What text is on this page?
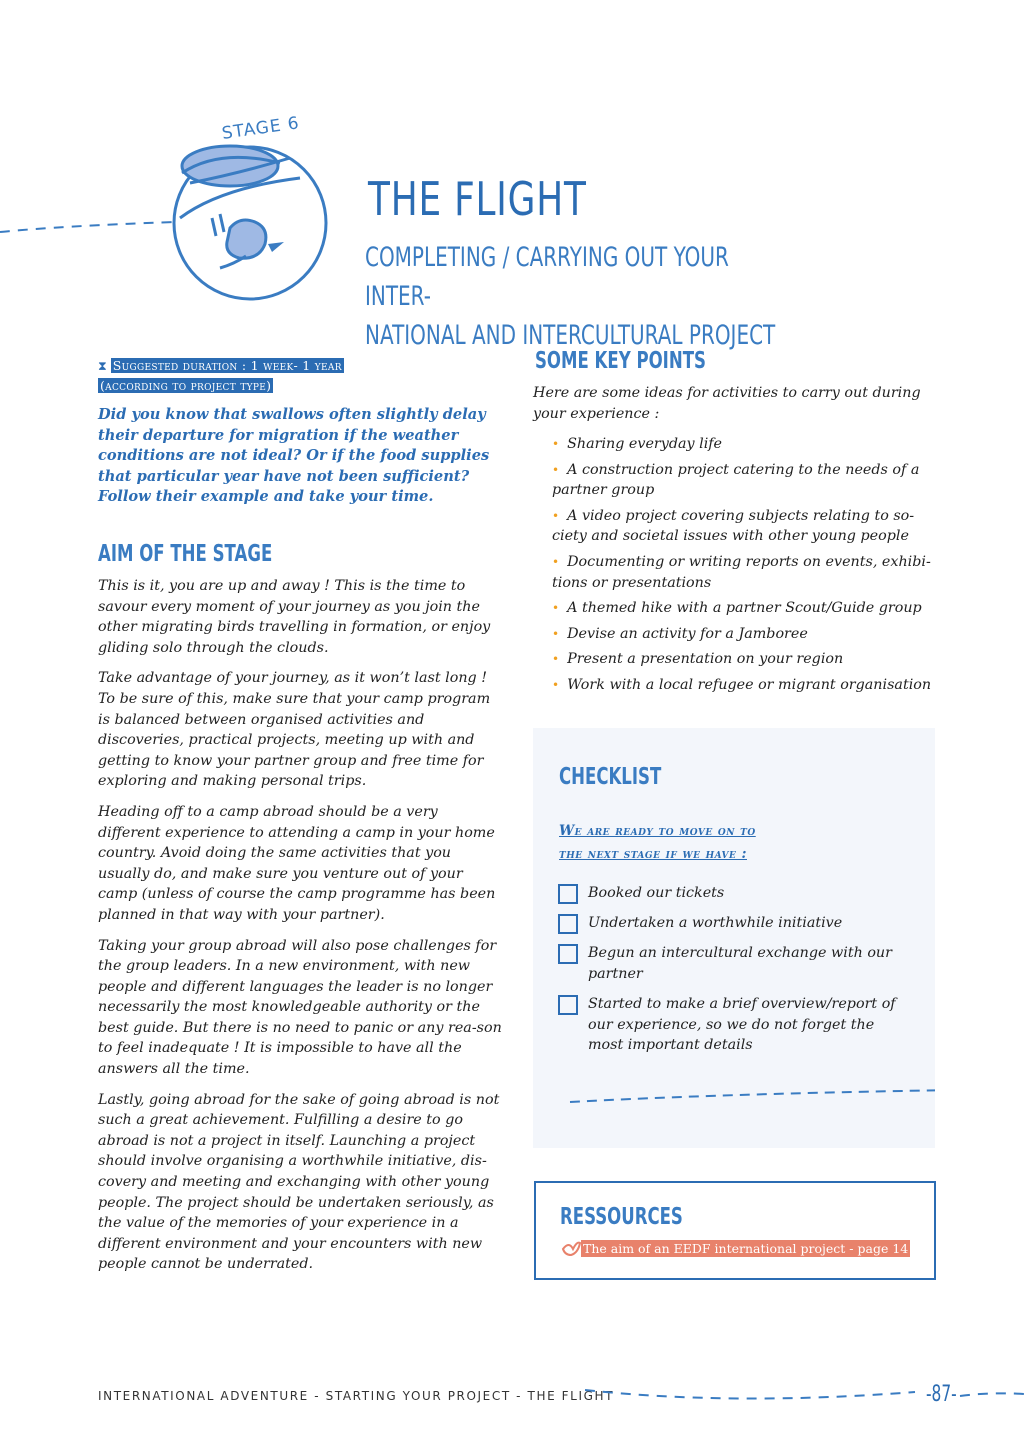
STAGE 6
THE FLIGHT
COMPLETING / CARRYING OUT YOUR INTER-
NATIONAL AND INTERCULTURAL PROJECT
⧗ Suggested duration : 1 week- 1 year
(according to project type)

Did you know that swallows often slightly delay their departure for migration if the weather conditions are not ideal? Or if the food supplies that particular year have not been sufficient? Follow their example and take your time.

AIM OF THE STAGE

This is it, you are up and away ! This is the time to savour every moment of your journey as you join the other migrating birds travelling in formation, or enjoy gliding solo through the clouds.

Take advantage of your journey, as it won’t last long ! To be sure of this, make sure that your camp program is balanced between organised activities and discoveries, practical projects, meeting up with and getting to know your partner group and free time for exploring and making personal trips.

Heading off to a camp abroad should be a very different experience to attending a camp in your home country. Avoid doing the same activities that you usually do, and make sure you venture out of your camp (unless of course the camp programme has been planned in that way with your partner).

Taking your group abroad will also pose challenges for the group leaders. In a new environment, with new people and different languages the leader is no longer necessarily the most knowledgeable authority or the best guide. But there is no need to panic or any rea-son to feel inadequate ! It is impossible to have all the answers all the time.

Lastly, going abroad for the sake of going abroad is not such a great achievement. Fulfilling a desire to go abroad is not a project in itself. Launching a project should involve organising a worthwhile initiative, dis-covery and meeting and exchanging with other young people. The project should be undertaken seriously, as the value of the memories of your experience in a different environment and your encounters with new people cannot be underrated.

SOME KEY POINTS

Here are some ideas for activities to carry out during your experience :

• Sharing everyday life
• A construction project catering to the needs of a partner group
• A video project covering subjects relating to so-ciety and societal issues with other young people
• Documenting or writing reports on events, exhibi-tions or presentations
• A themed hike with a partner Scout/Guide group
• Devise an activity for a Jamboree
• Present a presentation on your region
• Work with a local refugee or migrant organisation
CHECKLIST
We are ready to move on to
the next stage if we have :
Booked our tickets
Undertaken a worthwhile initiative
Begun an intercultural exchange with our partner
Started to make a brief overview/report of our experience, so we do not forget the most important details
RESSOURCES
The aim of an EEDF international project - page 14
INTERNATIONAL ADVENTURE - STARTING YOUR PROJECT - THE FLIGHT	-87-
